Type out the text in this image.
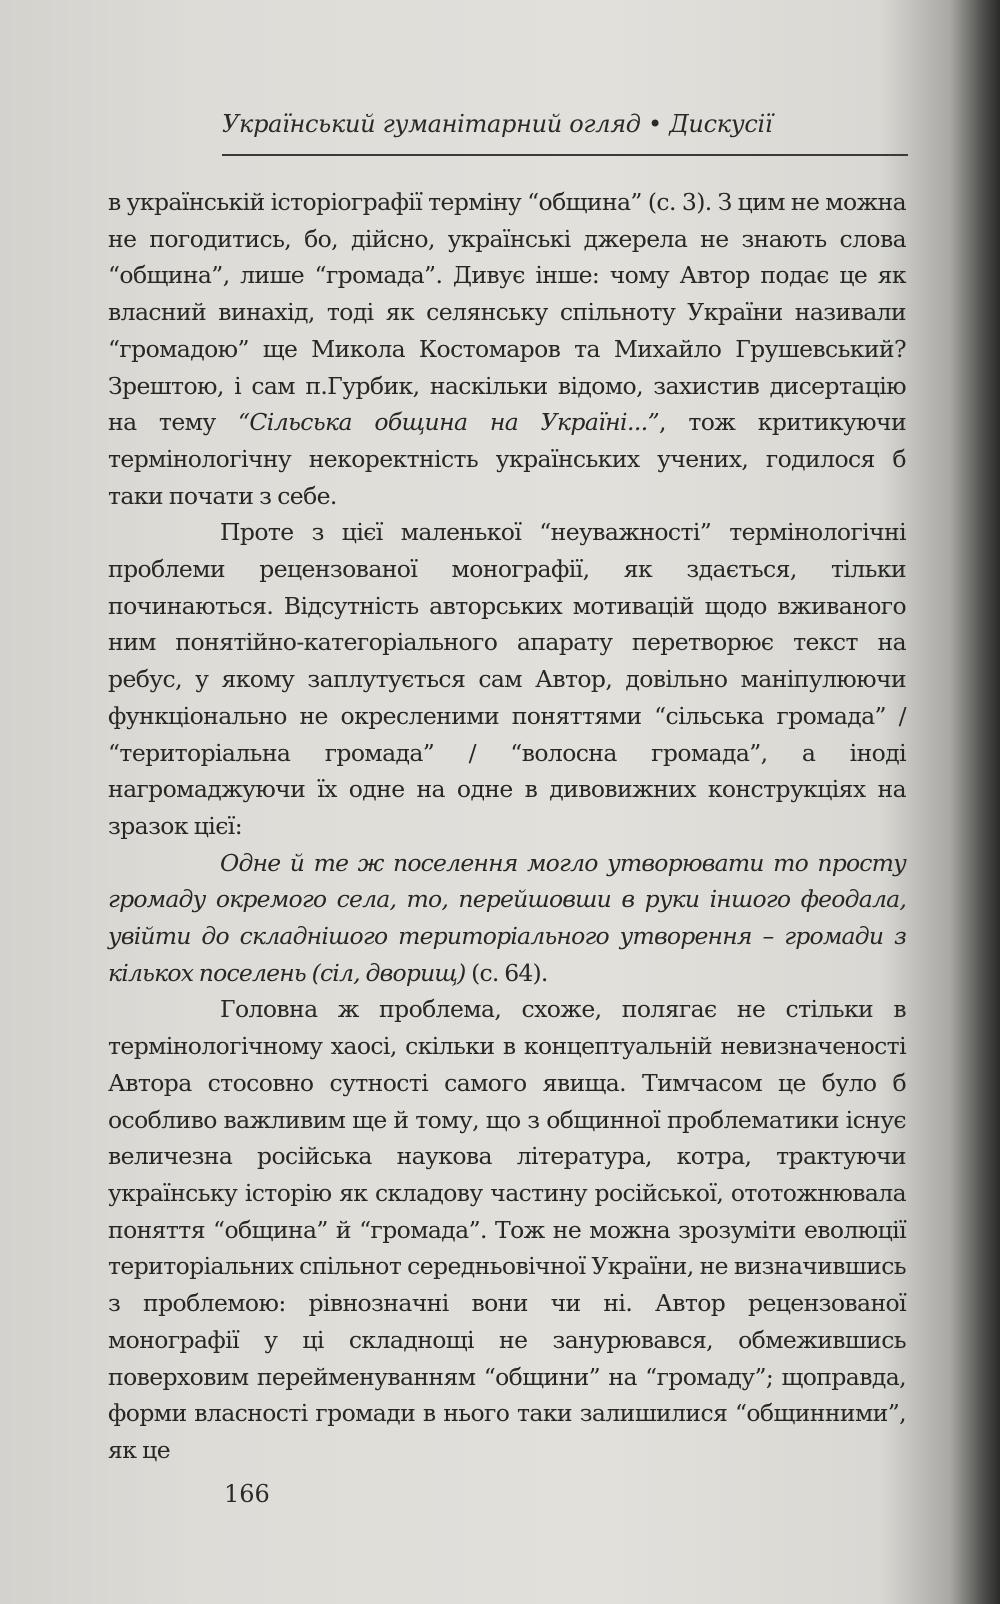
Український гуманітарний огляд • Дискусії

в українській історіографії терміну “община” (с. 3). З цим не можна не погодитись, бо, дійсно, українські джерела не знають слова “община”, лише “громада”. Дивує інше: чому Автор подає це як власний винахід, тоді як селянську спільноту України називали “громадою” ще Микола Костомаров та Михайло Грушевський? Зрештою, і сам п.Гурбик, наскільки відомо, захистив дисертацію на тему “Сільська община на Україні...”, тож критикуючи термінологічну некоректність українських учених, годилося б таки почати з себе.

Проте з цієї маленької “неуважності” термінологічні проблеми рецензованої монографії, як здається, тільки починаються. Відсутність авторських мотивацій щодо вживаного ним понятійно-категоріального апарату перетворює текст на ребус, у якому заплутується сам Автор, довільно маніпулюючи функціонально не окресленими поняттями “сільська громада” / “територіальна громада” / “волосна громада”, а іноді нагромаджуючи їх одне на одне в дивовижних конструкціях на зразок цієї:

Одне й те ж поселення могло утворювати то просту громаду окремого села, то, перейшовши в руки іншого феодала, увійти до складнішого територіального утворення – громади з кількох поселень (сіл, дворищ) (с. 64).

Головна ж проблема, схоже, полягає не стільки в термінологічному хаосі, скільки в концептуальній невизначеності Автора стосовно сутності самого явища. Тимчасом це було б особливо важливим ще й тому, що з общинної проблематики існує величезна російська наукова література, котра, трактуючи українську історію як складову частину російської, ототожнювала поняття “община” й “громада”. Тож не можна зрозуміти еволюції територіальних спільнот середньовічної України, не визначившись з проблемою: рівнозначні вони чи ні. Автор рецензованої монографії у ці складнощі не занурювався, обмежившись поверховим перейменуванням “общини” на “громаду”; щоправда, форми власності громади в нього таки залишилися “общинними”, як це

166
